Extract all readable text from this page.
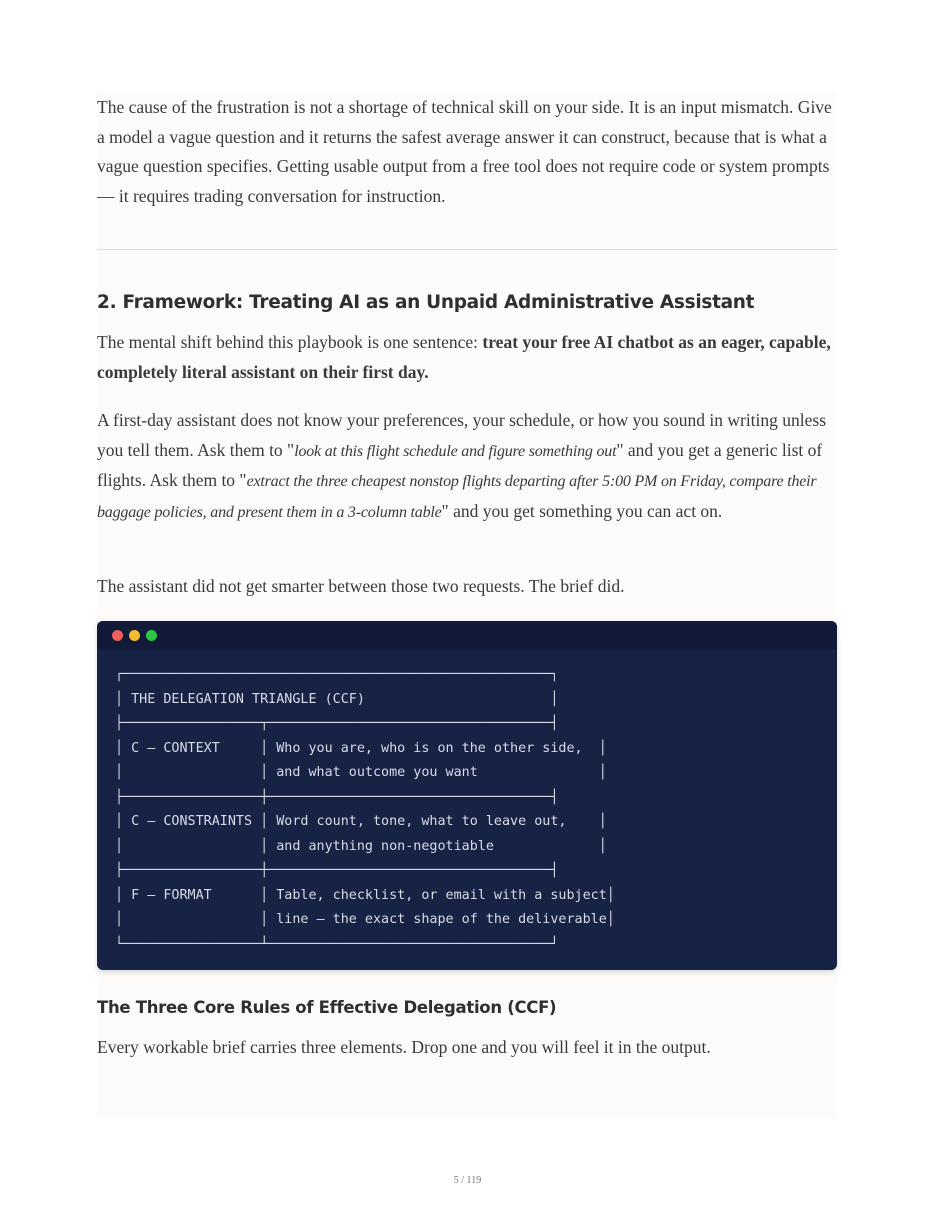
The cause of the frustration is not a shortage of technical skill on your side. It is an input mismatch. Give a model a vague question and it returns the safest average answer it can construct, because that is what a vague question specifies. Getting usable output from a free tool does not require code or system prompts — it requires trading conversation for instruction.

2. Framework: Treating AI as an Unpaid Administrative Assistant

The mental shift behind this playbook is one sentence: treat your free AI chatbot as an eager, capable, completely literal assistant on their first day.

A first-day assistant does not know your preferences, your schedule, or how you sound in writing unless you tell them. Ask them to "look at this flight schedule and figure something out" and you get a generic list of flights. Ask them to "extract the three cheapest nonstop flights departing after 5:00 PM on Friday, compare their baggage policies, and present them in a 3-column table" and you get something you can act on.

The assistant did not get smarter between those two requests. The brief did.

┌─────────────────────────────────────────────────────┐
│ THE DELEGATION TRIANGLE (CCF)                       │
├─────────────────┬───────────────────────────────────┤
│ C — CONTEXT     │ Who you are, who is on the other side,  │
│                 │ and what outcome you want               │
├─────────────────┼───────────────────────────────────┤
│ C — CONSTRAINTS │ Word count, tone, what to leave out,    │
│                 │ and anything non-negotiable             │
├─────────────────┼───────────────────────────────────┤
│ F — FORMAT      │ Table, checklist, or email with a subject│
│                 │ line — the exact shape of the deliverable│
└─────────────────┴───────────────────────────────────┘
The Three Core Rules of Effective Delegation (CCF)

Every workable brief carries three elements. Drop one and you will feel it in the output.

5 / 119
